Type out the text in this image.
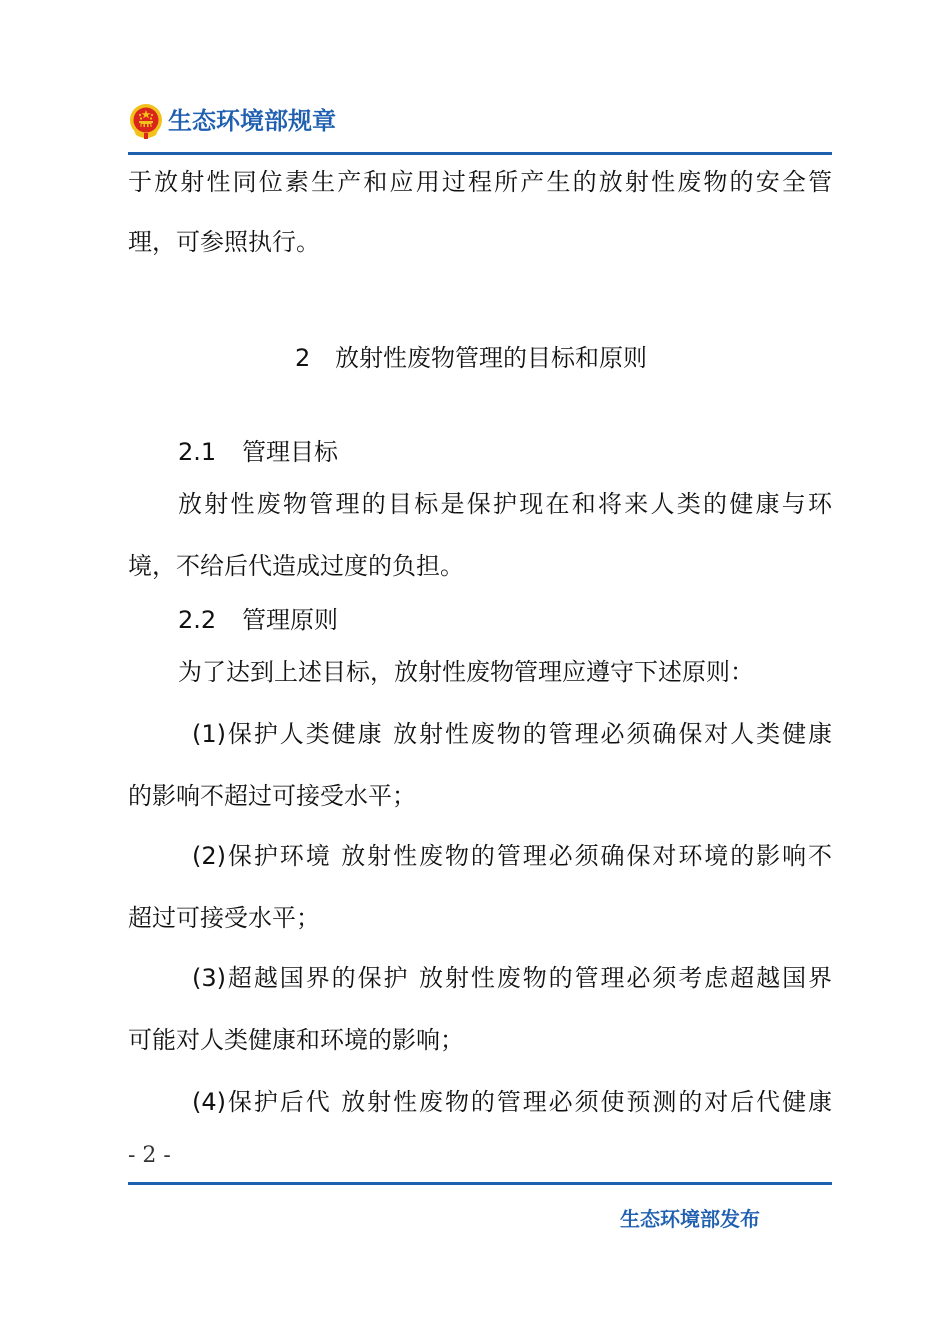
生态环境部规章
于放射性同位素生产和应用过程所产生的放射性废物的安全管
理，可参照执行。
2 放射性废物管理的目标和原则
2.1 管理目标
放射性废物管理的目标是保护现在和将来人类的健康与环
境，不给后代造成过度的负担。
2.2 管理原则
为了达到上述目标，放射性废物管理应遵守下述原则：
(1)保护人类健康 放射性废物的管理必须确保对人类健康
的影响不超过可接受水平；
(2)保护环境 放射性废物的管理必须确保对环境的影响不
超过可接受水平；
(3)超越国界的保护 放射性废物的管理必须考虑超越国界
可能对人类健康和环境的影响；
(4)保护后代 放射性废物的管理必须使预测的对后代健康
- 2 -
生态环境部发布
